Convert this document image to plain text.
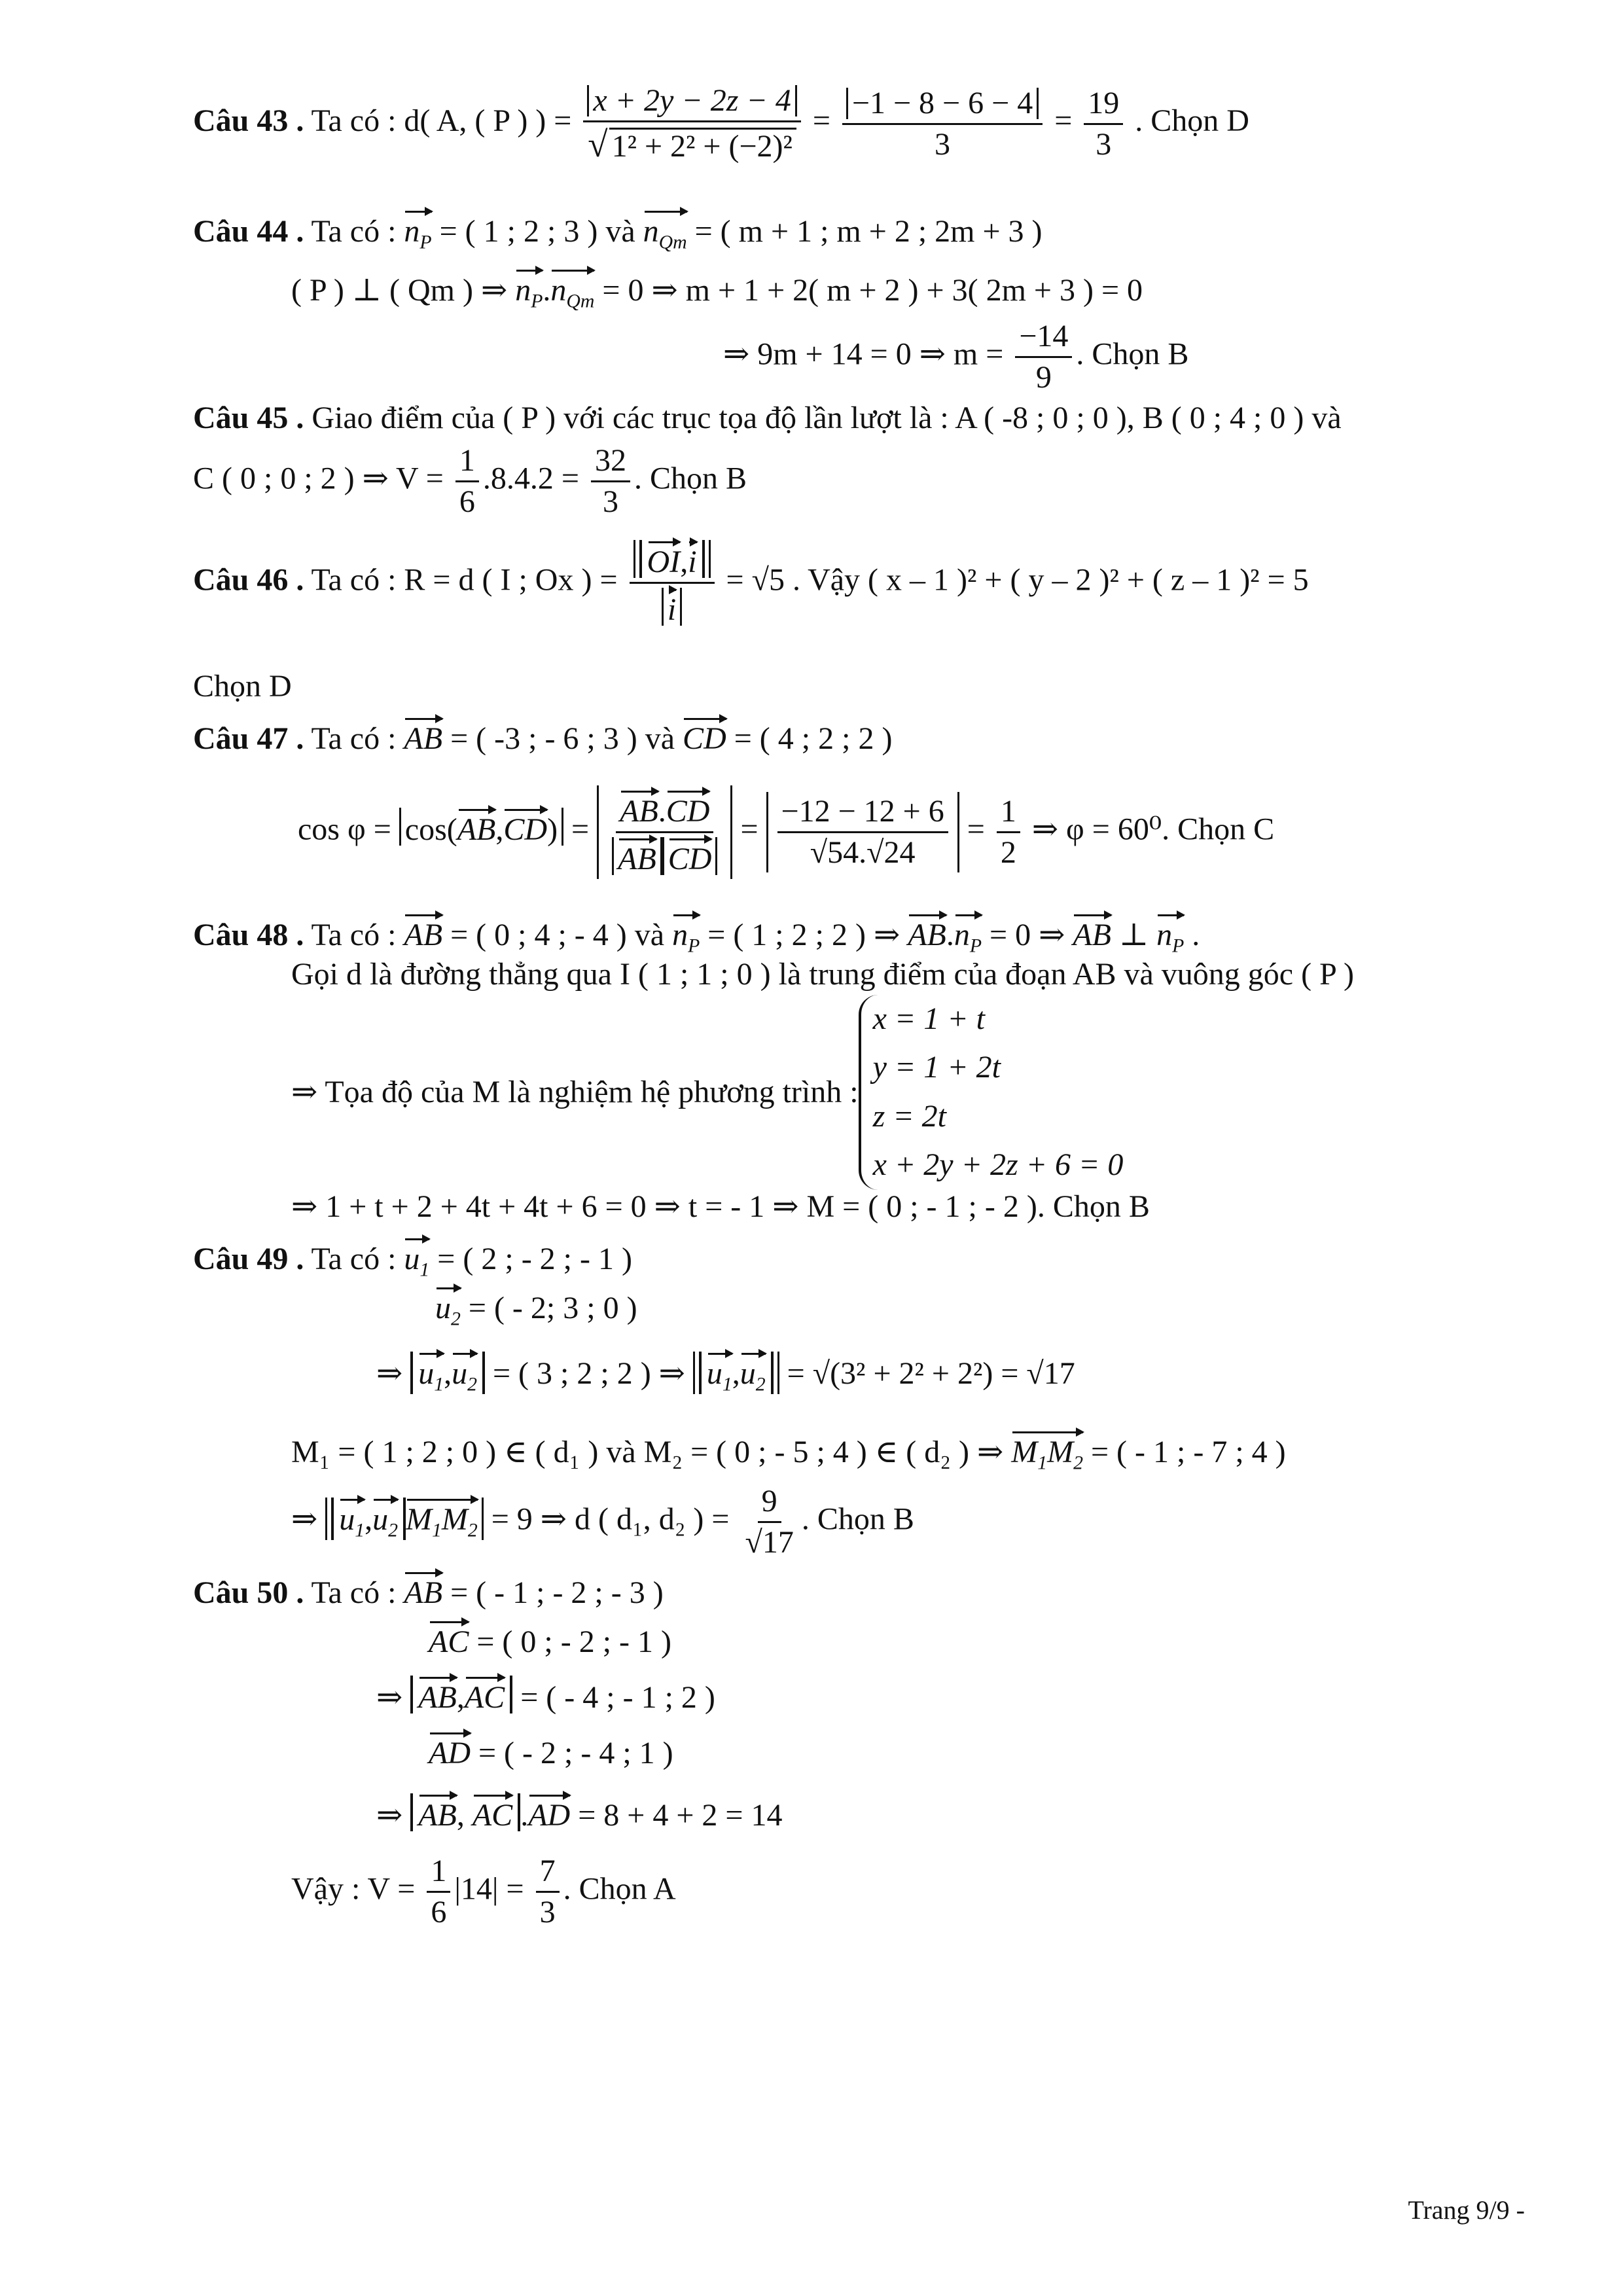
Câu 43 . Ta có : d( A, ( P ) ) = $\frac{x + 2y - 2z - 4}{\text{√ 1² + 2² + (−2)²}} = \frac{-1 - 8 - 6 - 4}{3} = \frac{19}{3}$ . Chọn D
Câu 44 . Ta có : $n_P$ = ( 1 ; 2 ; 3 ) và $n_{Qm}$ = ( m + 1 ; m + 2 ; 2m + 3 )
( P ) ⊥ ( Qm ) ⇒ $n_P.n_{Qm} = 0$ ⇒ m + 1 + 2( m + 2 ) + 3( 2m + 3 ) = 0
⇒ 9m + 14 = 0 ⇒ $m = \frac{-14}{9}$ . Chọn B
Câu 45 . Giao điểm của ( P ) với các trục tọa độ lần lượt là : A ( -8 ; 0 ; 0 ), B ( 0 ; 4 ; 0 ) và
C ( 0 ; 0 ; 2 ) ⇒ $V = \frac{1}{6} .8.4.2 = \frac{32}{3}$ . Chọn B
Câu 46 . Ta có : R = d ( I ; Ox ) = $\frac{OI,i}{i} = √5$ . Vậy ( x – 1 )² + ( y – 2 )² + ( z – 1 )² = 5
Chọn D
Câu 47 . Ta có : AB = ( -3 ; - 6 ; 3 ) và CD = ( 4 ; 2 ; 2 )
$\cos \varphi = \cos(AB,CD) = \frac{AB.CD}{\text{AB CD}} = \frac{-12 - 12 + 6}{√54.√24} = \frac{1}{2}$ ⇒ φ = 60⁰. Chọn C
Câu 48 . Ta có : AB = ( 0 ; 4 ; - 4 ) và $n_P$ = ( 1 ; 2 ; 2 ) ⇒ $AB.n_P = 0$ ⇒ AB ⊥ $n_P$ .
Gọi d là đường thẳng qua I ( 1 ; 1 ; 0 ) là trung điểm của đoạn AB và vuông góc ( P )
⇒ Tọa độ của M là nghiệm hệ phương trình :
x = 1 + t
y = 1 + 2t
z = 2t
x + 2y + 2z + 6 = 0
⇒ 1 + t + 2 + 4t + 4t + 6 = 0 ⇒ t = - 1 ⇒ M = ( 0 ; - 1 ; - 2 ). Chọn B
Câu 49 . Ta có : $u_1$ = ( 2 ; - 2 ; - 1 )
$u_2$ = ( - 2; 3 ; 0 )
⇒ $u_1,u_2$ = ( 3 ; 2 ; 2 ) ⇒ $u_1,u_2 = √(3^2 + 2^2 + 2^2) = √17$
M₁ = ( 1 ; 2 ; 0 ) ∈ ( d₁ ) và M₂ = ( 0 ; - 5 ; 4 ) ∈ ( d₂ ) ⇒ $M_1M_2$ = ( - 1 ; - 7 ; 4 )
⇒ $u_1,u_2$ $M_1M_2 = 9$ ⇒ d ( d₁, d₂ ) = $\frac{9}{√17}$ . Chọn B
Câu 50 . Ta có : AB = ( - 1 ; - 2 ; - 3 )
AC = ( 0 ; - 2 ; - 1 )
⇒ AB,AC = ( - 4 ; - 1 ; 2 )
AD = ( - 2 ; - 4 ; 1 )
⇒ AB, AC .AD = 8 + 4 + 2 = 14
Vậy : $V = \frac{1}{6} |14| = \frac{7}{3}$ . Chọn A
Trang 9/9 -
